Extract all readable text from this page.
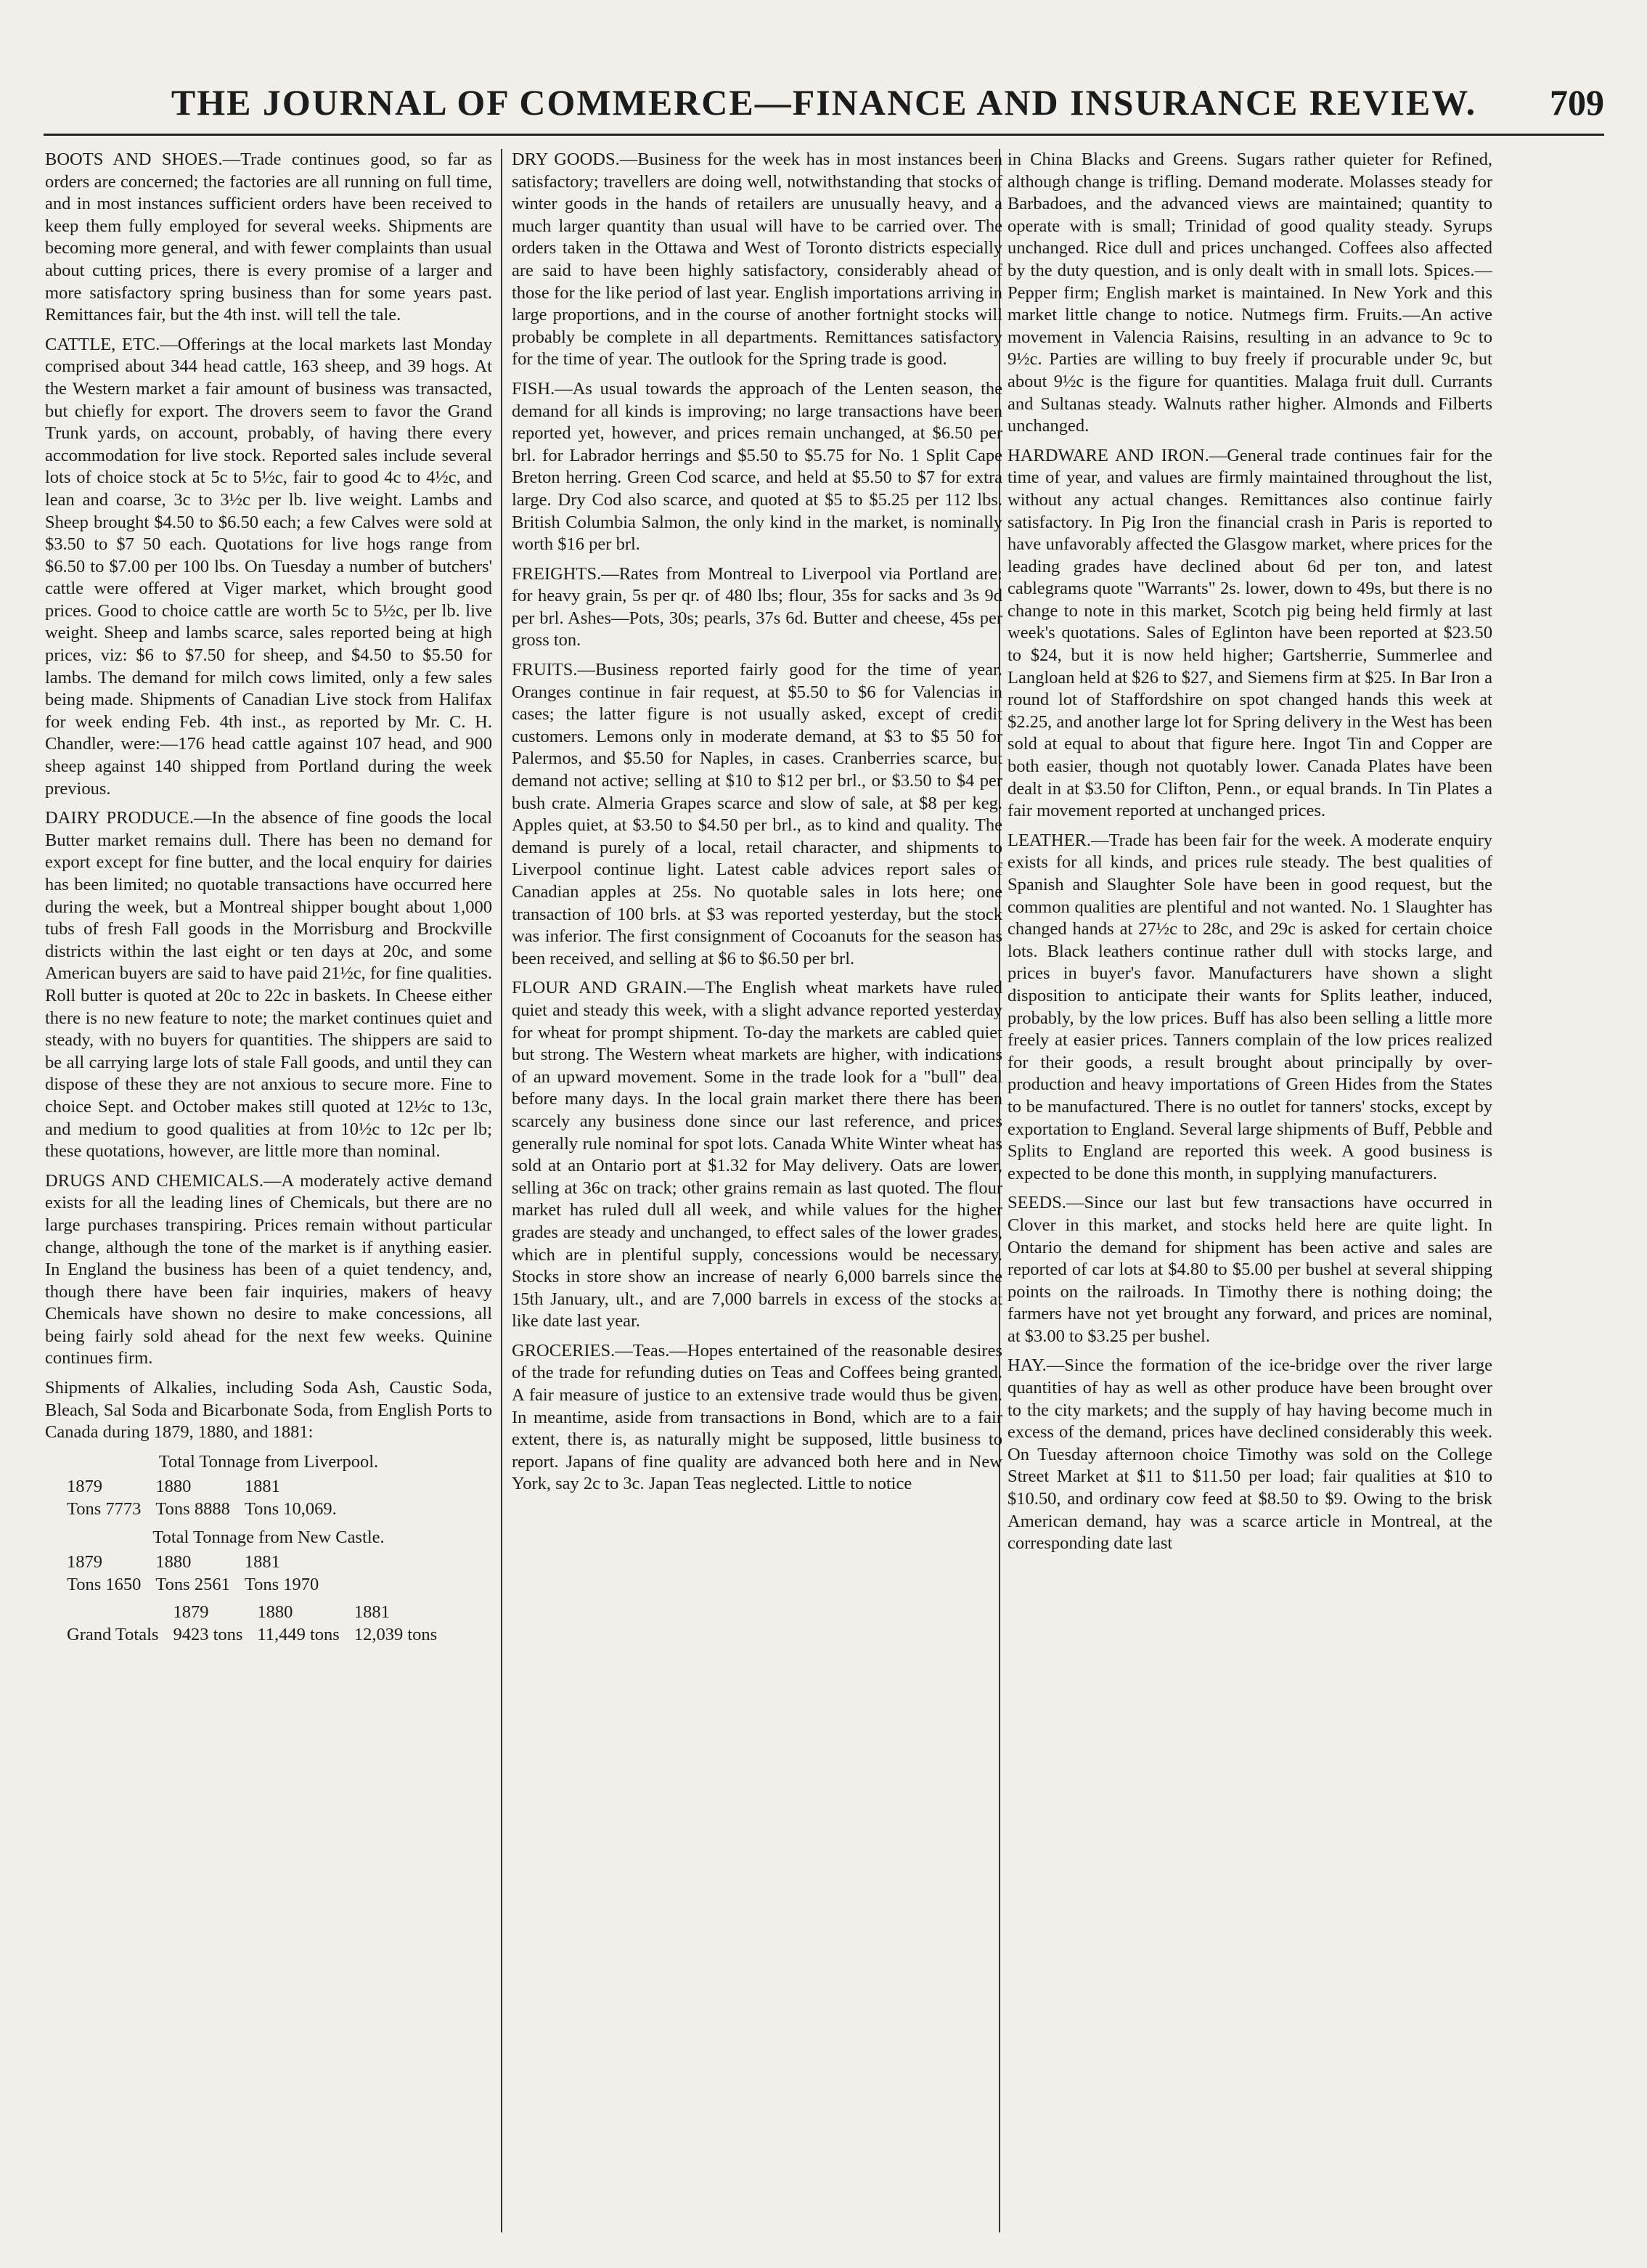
THE JOURNAL OF COMMERCE—FINANCE AND INSURANCE REVIEW.	709

BOOTS AND SHOES.—Trade continues good, so far as orders are concerned; the factories are all running on full time, and in most instances sufficient orders have been received to keep them fully employed for several weeks. Shipments are becoming more general, and with fewer complaints than usual about cutting prices, there is every promise of a larger and more satisfactory spring business than for some years past. Remittances fair, but the 4th inst. will tell the tale.

CATTLE, ETC.—Offerings at the local markets last Monday comprised about 344 head cattle, 163 sheep, and 39 hogs. At the Western market a fair amount of business was transacted, but chiefly for export. The drovers seem to favor the Grand Trunk yards, on account, probably, of having there every accommodation for live stock. Reported sales include several lots of choice stock at 5c to 5½c, fair to good 4c to 4½c, and lean and coarse, 3c to 3½c per lb. live weight. Lambs and Sheep brought $4.50 to $6.50 each; a few Calves were sold at $3.50 to $7 50 each. Quotations for live hogs range from $6.50 to $7.00 per 100 lbs. On Tuesday a number of butchers' cattle were offered at Viger market, which brought good prices. Good to choice cattle are worth 5c to 5½c, per lb. live weight. Sheep and lambs scarce, sales reported being at high prices, viz: $6 to $7.50 for sheep, and $4.50 to $5.50 for lambs. The demand for milch cows limited, only a few sales being made. Shipments of Canadian Live stock from Halifax for week ending Feb. 4th inst., as reported by Mr. C. H. Chandler, were:—176 head cattle against 107 head, and 900 sheep against 140 shipped from Portland during the week previous.

DAIRY PRODUCE.—In the absence of fine goods the local Butter market remains dull. There has been no demand for export except for fine butter, and the local enquiry for dairies has been limited; no quotable transactions have occurred here during the week, but a Montreal shipper bought about 1,000 tubs of fresh Fall goods in the Morrisburg and Brockville districts within the last eight or ten days at 20c, and some American buyers are said to have paid 21½c, for fine qualities. Roll butter is quoted at 20c to 22c in baskets. In Cheese either there is no new feature to note; the market continues quiet and steady, with no buyers for quantities. The shippers are said to be all carrying large lots of stale Fall goods, and until they can dispose of these they are not anxious to secure more. Fine to choice Sept. and October makes still quoted at 12½c to 13c, and medium to good qualities at from 10½c to 12c per lb; these quotations, however, are little more than nominal.

DRUGS AND CHEMICALS.—A moderately active demand exists for all the leading lines of Chemicals, but there are no large purchases transpiring. Prices remain without particular change, although the tone of the market is if anything easier. In England the business has been of a quiet tendency, and, though there have been fair inquiries, makers of heavy Chemicals have shown no desire to make concessions, all being fairly sold ahead for the next few weeks. Quinine continues firm.

Shipments of Alkalies, including Soda Ash, Caustic Soda, Bleach, Sal Soda and Bicarbonate Soda, from English Ports to Canada during 1879, 1880, and 1881:

Total Tonnage from Liverpool.
1879	1880	1881
Tons 7773	Tons 8888	Tons 10,069.
Total Tonnage from New Castle.
1879	1880	1881
Tons 1650	Tons 2561	Tons 1970
	1879	1880	1881
Grand Totals	9423 tons	11,449 tons	12,039 tons

DRY GOODS.—Business for the week has in most instances been satisfactory; travellers are doing well, notwithstanding that stocks of winter goods in the hands of retailers are unusually heavy, and a much larger quantity than usual will have to be carried over. The orders taken in the Ottawa and West of Toronto districts especially are said to have been highly satisfactory, considerably ahead of those for the like period of last year. English importations arriving in large proportions, and in the course of another fortnight stocks will probably be complete in all departments. Remittances satisfactory for the time of year. The outlook for the Spring trade is good.

FISH.—As usual towards the approach of the Lenten season, the demand for all kinds is improving; no large transactions have been reported yet, however, and prices remain unchanged, at $6.50 per brl. for Labrador herrings and $5.50 to $5.75 for No. 1 Split Cape Breton herring. Green Cod scarce, and held at $5.50 to $7 for extra large. Dry Cod also scarce, and quoted at $5 to $5.25 per 112 lbs. British Columbia Salmon, the only kind in the market, is nominally worth $16 per brl.

FREIGHTS.—Rates from Montreal to Liverpool via Portland are: for heavy grain, 5s per qr. of 480 lbs; flour, 35s for sacks and 3s 9d per brl. Ashes—Pots, 30s; pearls, 37s 6d. Butter and cheese, 45s per gross ton.

FRUITS.—Business reported fairly good for the time of year. Oranges continue in fair request, at $5.50 to $6 for Valencias in cases; the latter figure is not usually asked, except of credit customers. Lemons only in moderate demand, at $3 to $5 50 for Palermos, and $5.50 for Naples, in cases. Cranberries scarce, but demand not active; selling at $10 to $12 per brl., or $3.50 to $4 per bush crate. Almeria Grapes scarce and slow of sale, at $8 per keg. Apples quiet, at $3.50 to $4.50 per brl., as to kind and quality. The demand is purely of a local, retail character, and shipments to Liverpool continue light. Latest cable advices report sales of Canadian apples at 25s. No quotable sales in lots here; one transaction of 100 brls. at $3 was reported yesterday, but the stock was inferior. The first consignment of Cocoanuts for the season has been received, and selling at $6 to $6.50 per brl.

FLOUR AND GRAIN.—The English wheat markets have ruled quiet and steady this week, with a slight advance reported yesterday for wheat for prompt shipment. To-day the markets are cabled quiet but strong. The Western wheat markets are higher, with indications of an upward movement. Some in the trade look for a "bull" deal before many days. In the local grain market there there has been scarcely any business done since our last reference, and prices generally rule nominal for spot lots. Canada White Winter wheat has sold at an Ontario port at $1.32 for May delivery. Oats are lower, selling at 36c on track; other grains remain as last quoted. The flour market has ruled dull all week, and while values for the higher grades are steady and unchanged, to effect sales of the lower grades, which are in plentiful supply, concessions would be necessary. Stocks in store show an increase of nearly 6,000 barrels since the 15th January, ult., and are 7,000 barrels in excess of the stocks at like date last year.

GROCERIES.—Teas.—Hopes entertained of the reasonable desires of the trade for refunding duties on Teas and Coffees being granted. A fair measure of justice to an extensive trade would thus be given. In meantime, aside from transactions in Bond, which are to a fair extent, there is, as naturally might be supposed, little business to report. Japans of fine quality are advanced both here and in New York, say 2c to 3c. Japan Teas neglected. Little to notice

in China Blacks and Greens. Sugars rather quieter for Refined, although change is trifling. Demand moderate. Molasses steady for Barbadoes, and the advanced views are maintained; quantity to operate with is small; Trinidad of good quality steady. Syrups unchanged. Rice dull and prices unchanged. Coffees also affected by the duty question, and is only dealt with in small lots. Spices.—Pepper firm; English market is maintained. In New York and this market little change to notice. Nutmegs firm. Fruits.—An active movement in Valencia Raisins, resulting in an advance to 9c to 9½c. Parties are willing to buy freely if procurable under 9c, but about 9½c is the figure for quantities. Malaga fruit dull. Currants and Sultanas steady. Walnuts rather higher. Almonds and Filberts unchanged.

HARDWARE AND IRON.—General trade continues fair for the time of year, and values are firmly maintained throughout the list, without any actual changes. Remittances also continue fairly satisfactory. In Pig Iron the financial crash in Paris is reported to have unfavorably affected the Glasgow market, where prices for the leading grades have declined about 6d per ton, and latest cablegrams quote "Warrants" 2s. lower, down to 49s, but there is no change to note in this market, Scotch pig being held firmly at last week's quotations. Sales of Eglinton have been reported at $23.50 to $24, but it is now held higher; Gartsherrie, Summerlee and Langloan held at $26 to $27, and Siemens firm at $25. In Bar Iron a round lot of Staffordshire on spot changed hands this week at $2.25, and another large lot for Spring delivery in the West has been sold at equal to about that figure here. Ingot Tin and Copper are both easier, though not quotably lower. Canada Plates have been dealt in at $3.50 for Clifton, Penn., or equal brands. In Tin Plates a fair movement reported at unchanged prices.

LEATHER.—Trade has been fair for the week. A moderate enquiry exists for all kinds, and prices rule steady. The best qualities of Spanish and Slaughter Sole have been in good request, but the common qualities are plentiful and not wanted. No. 1 Slaughter has changed hands at 27½c to 28c, and 29c is asked for certain choice lots. Black leathers continue rather dull with stocks large, and prices in buyer's favor. Manufacturers have shown a slight disposition to anticipate their wants for Splits leather, induced, probably, by the low prices. Buff has also been selling a little more freely at easier prices. Tanners complain of the low prices realized for their goods, a result brought about principally by over-production and heavy importations of Green Hides from the States to be manufactured. There is no outlet for tanners' stocks, except by exportation to England. Several large shipments of Buff, Pebble and Splits to England are reported this week. A good business is expected to be done this month, in supplying manufacturers.

SEEDS.—Since our last but few transactions have occurred in Clover in this market, and stocks held here are quite light. In Ontario the demand for shipment has been active and sales are reported of car lots at $4.80 to $5.00 per bushel at several shipping points on the railroads. In Timothy there is nothing doing; the farmers have not yet brought any forward, and prices are nominal, at $3.00 to $3.25 per bushel.

HAY.—Since the formation of the ice-bridge over the river large quantities of hay as well as other produce have been brought over to the city markets; and the supply of hay having become much in excess of the demand, prices have declined considerably this week. On Tuesday afternoon choice Timothy was sold on the College Street Market at $11 to $11.50 per load; fair qualities at $10 to $10.50, and ordinary cow feed at $8.50 to $9. Owing to the brisk American demand, hay was a scarce article in Montreal, at the corresponding date last
